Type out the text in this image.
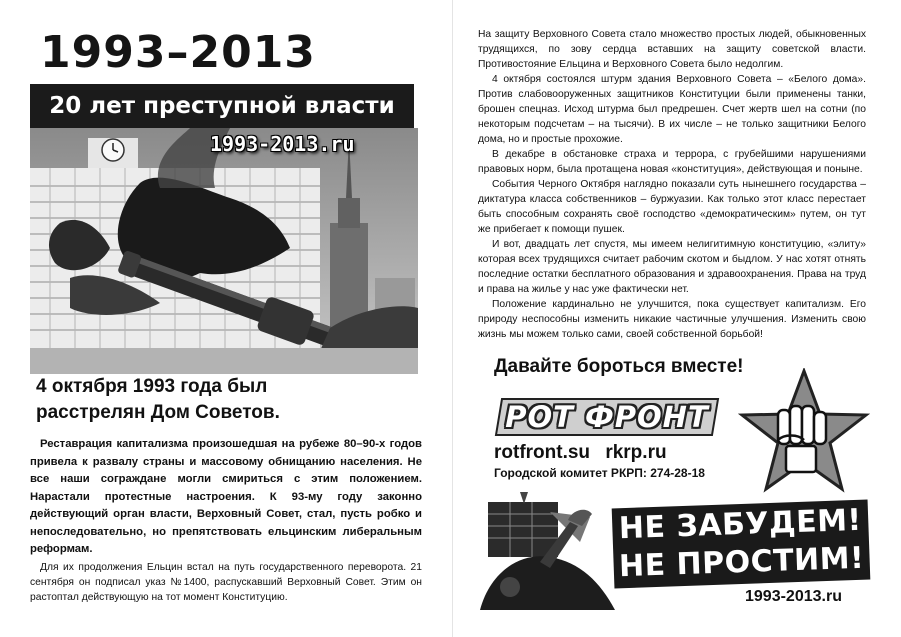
1993–2013
20 лет преступной власти
1993-2013.ru
4 октября 1993 года был
расстрелян Дом Советов.

Реставрация капитализма произошедшая на рубеже 80–90-х годов привела к развалу страны и массовому обнищанию населения. Не все наши сограждане могли смириться с этим положением. Нарастали протестные настроения. К 93-му году законно действующий орган власти, Верховный Совет, стал, пусть робко и непоследовательно, но препятствовать ельцинским либеральным реформам.

Для их продолжения Ельцин встал на путь государственного переворота. 21 сентября он подписал указ №1400, распускавший Верховный Совет. Этим он растоптал действующую на тот момент Конституцию.

На защиту Верховного Совета стало множество простых людей, обыкновенных трудящихся, по зову сердца вставших на защиту советской власти. Противостояние Ельцина и Верховного Совета было недолгим.

4 октября состоялся штурм здания Верховного Совета – «Белого дома». Против слабовооруженных защитников Конституции были применены танки, брошен спецназ. Исход штурма был предрешен. Счет жертв шел на сотни (по некоторым подсчетам – на тысячи). В их числе – не только защитники Белого дома, но и простые прохожие.

В декабре в обстановке страха и террора, с грубейшими нарушениями правовых норм, была протащена новая «конституция», действующая и поныне.

События Черного Октября наглядно показали суть нынешнего государства – диктатура класса собственников – буржуазии. Как только этот класс перестает быть способным сохранять своё господство «демократическим» путем, он тут же прибегает к помощи пушек.

И вот, двадцать лет спустя, мы имеем нелигитимную конституцию, «элиту» которая всех трудящихся считает рабочим скотом и быдлом. У нас хотят отнять последние остатки бесплатного образования и здравоохранения. Права на труд и права на жилье у нас уже фактически нет.

Положение кардинально не улучшится, пока существует капитализм. Его природу неспособны изменить никакие частичные улучшения. Изменить свою жизнь мы можем только сами, своей собственной борьбой!

Давайте бороться вместе!
РОТ ФРОНТ
rotfront.su rkrp.ru
Городской комитет РКРП: 274-28-18
НЕ ЗАБУДЕМ!
НЕ ПРОСТИМ!
1993-2013.ru
